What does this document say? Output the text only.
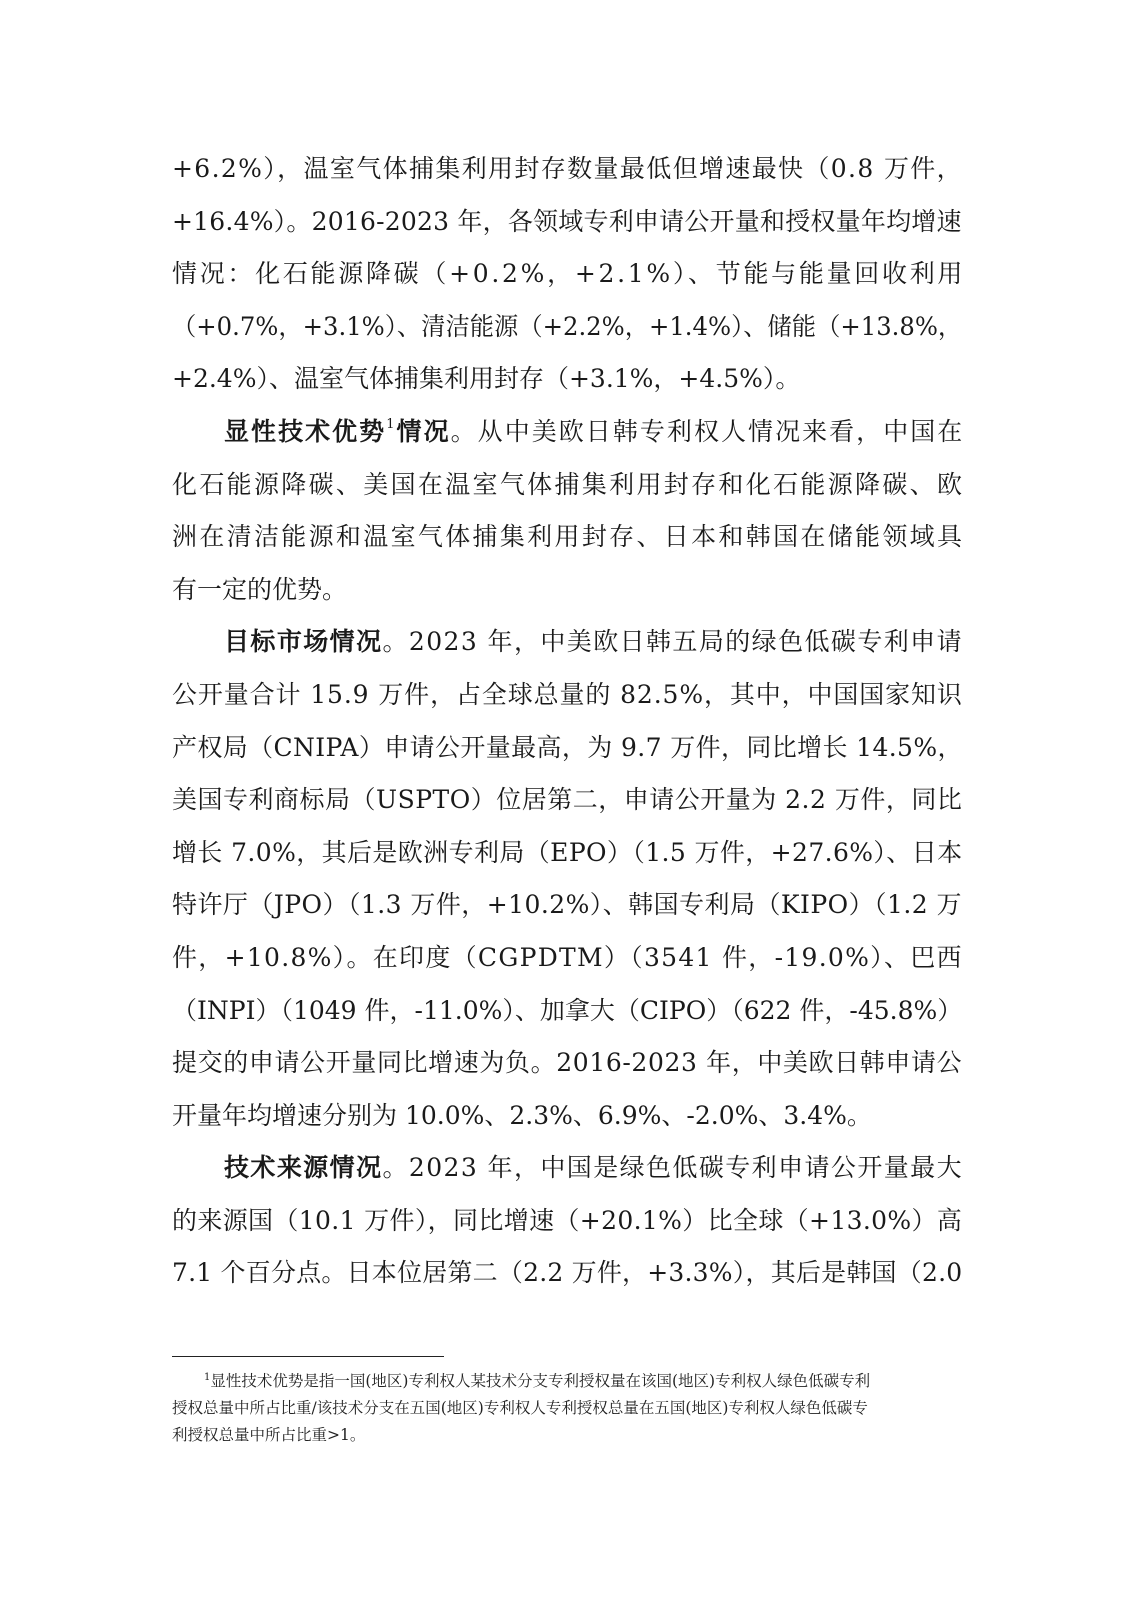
+6.2%），温室气体捕集利用封存数量最低但增速最快（0.8 万件，
+16.4%）。2016-2023 年，各领域专利申请公开量和授权量年均增速
情况：化石能源降碳（+0.2%，+2.1%）、节能与能量回收利用
（+0.7%，+3.1%）、清洁能源（+2.2%，+1.4%）、储能（+13.8%，
+2.4%）、温室气体捕集利用封存（+3.1%，+4.5%）。
显性技术优势$^1$情况。从中美欧日韩专利权人情况来看，中国在
化石能源降碳、美国在温室气体捕集利用封存和化石能源降碳、欧
洲在清洁能源和温室气体捕集利用封存、日本和韩国在储能领域具
有一定的优势。
目标市场情况。2023 年，中美欧日韩五局的绿色低碳专利申请
公开量合计 15.9 万件，占全球总量的 82.5%，其中，中国国家知识
产权局（CNIPA）申请公开量最高，为 9.7 万件，同比增长 14.5%，
美国专利商标局（USPTO）位居第二，申请公开量为 2.2 万件，同比
增长 7.0%，其后是欧洲专利局（EPO）（1.5 万件，+27.6%）、日本
特许厅（JPO）（1.3 万件，+10.2%）、韩国专利局（KIPO）（1.2 万
件，+10.8%）。在印度（CGPDTM）（3541 件，-19.0%）、巴西
（INPI）（1049 件，-11.0%）、加拿大（CIPO）（622 件，-45.8%）
提交的申请公开量同比增速为负。2016-2023 年，中美欧日韩申请公
开量年均增速分别为 10.0%、2.3%、6.9%、-2.0%、3.4%。
技术来源情况。2023 年，中国是绿色低碳专利申请公开量最大
的来源国（10.1 万件），同比增速（+20.1%）比全球（+13.0%）高
7.1 个百分点。日本位居第二（2.2 万件，+3.3%），其后是韩国（2.0
$^1$显性技术优势是指一国(地区)专利权人某技术分支专利授权量在该国(地区)专利权人绿色低碳专利
授权总量中所占比重/该技术分支在五国(地区)专利权人专利授权总量在五国(地区)专利权人绿色低碳专
利授权总量中所占比重>1。
